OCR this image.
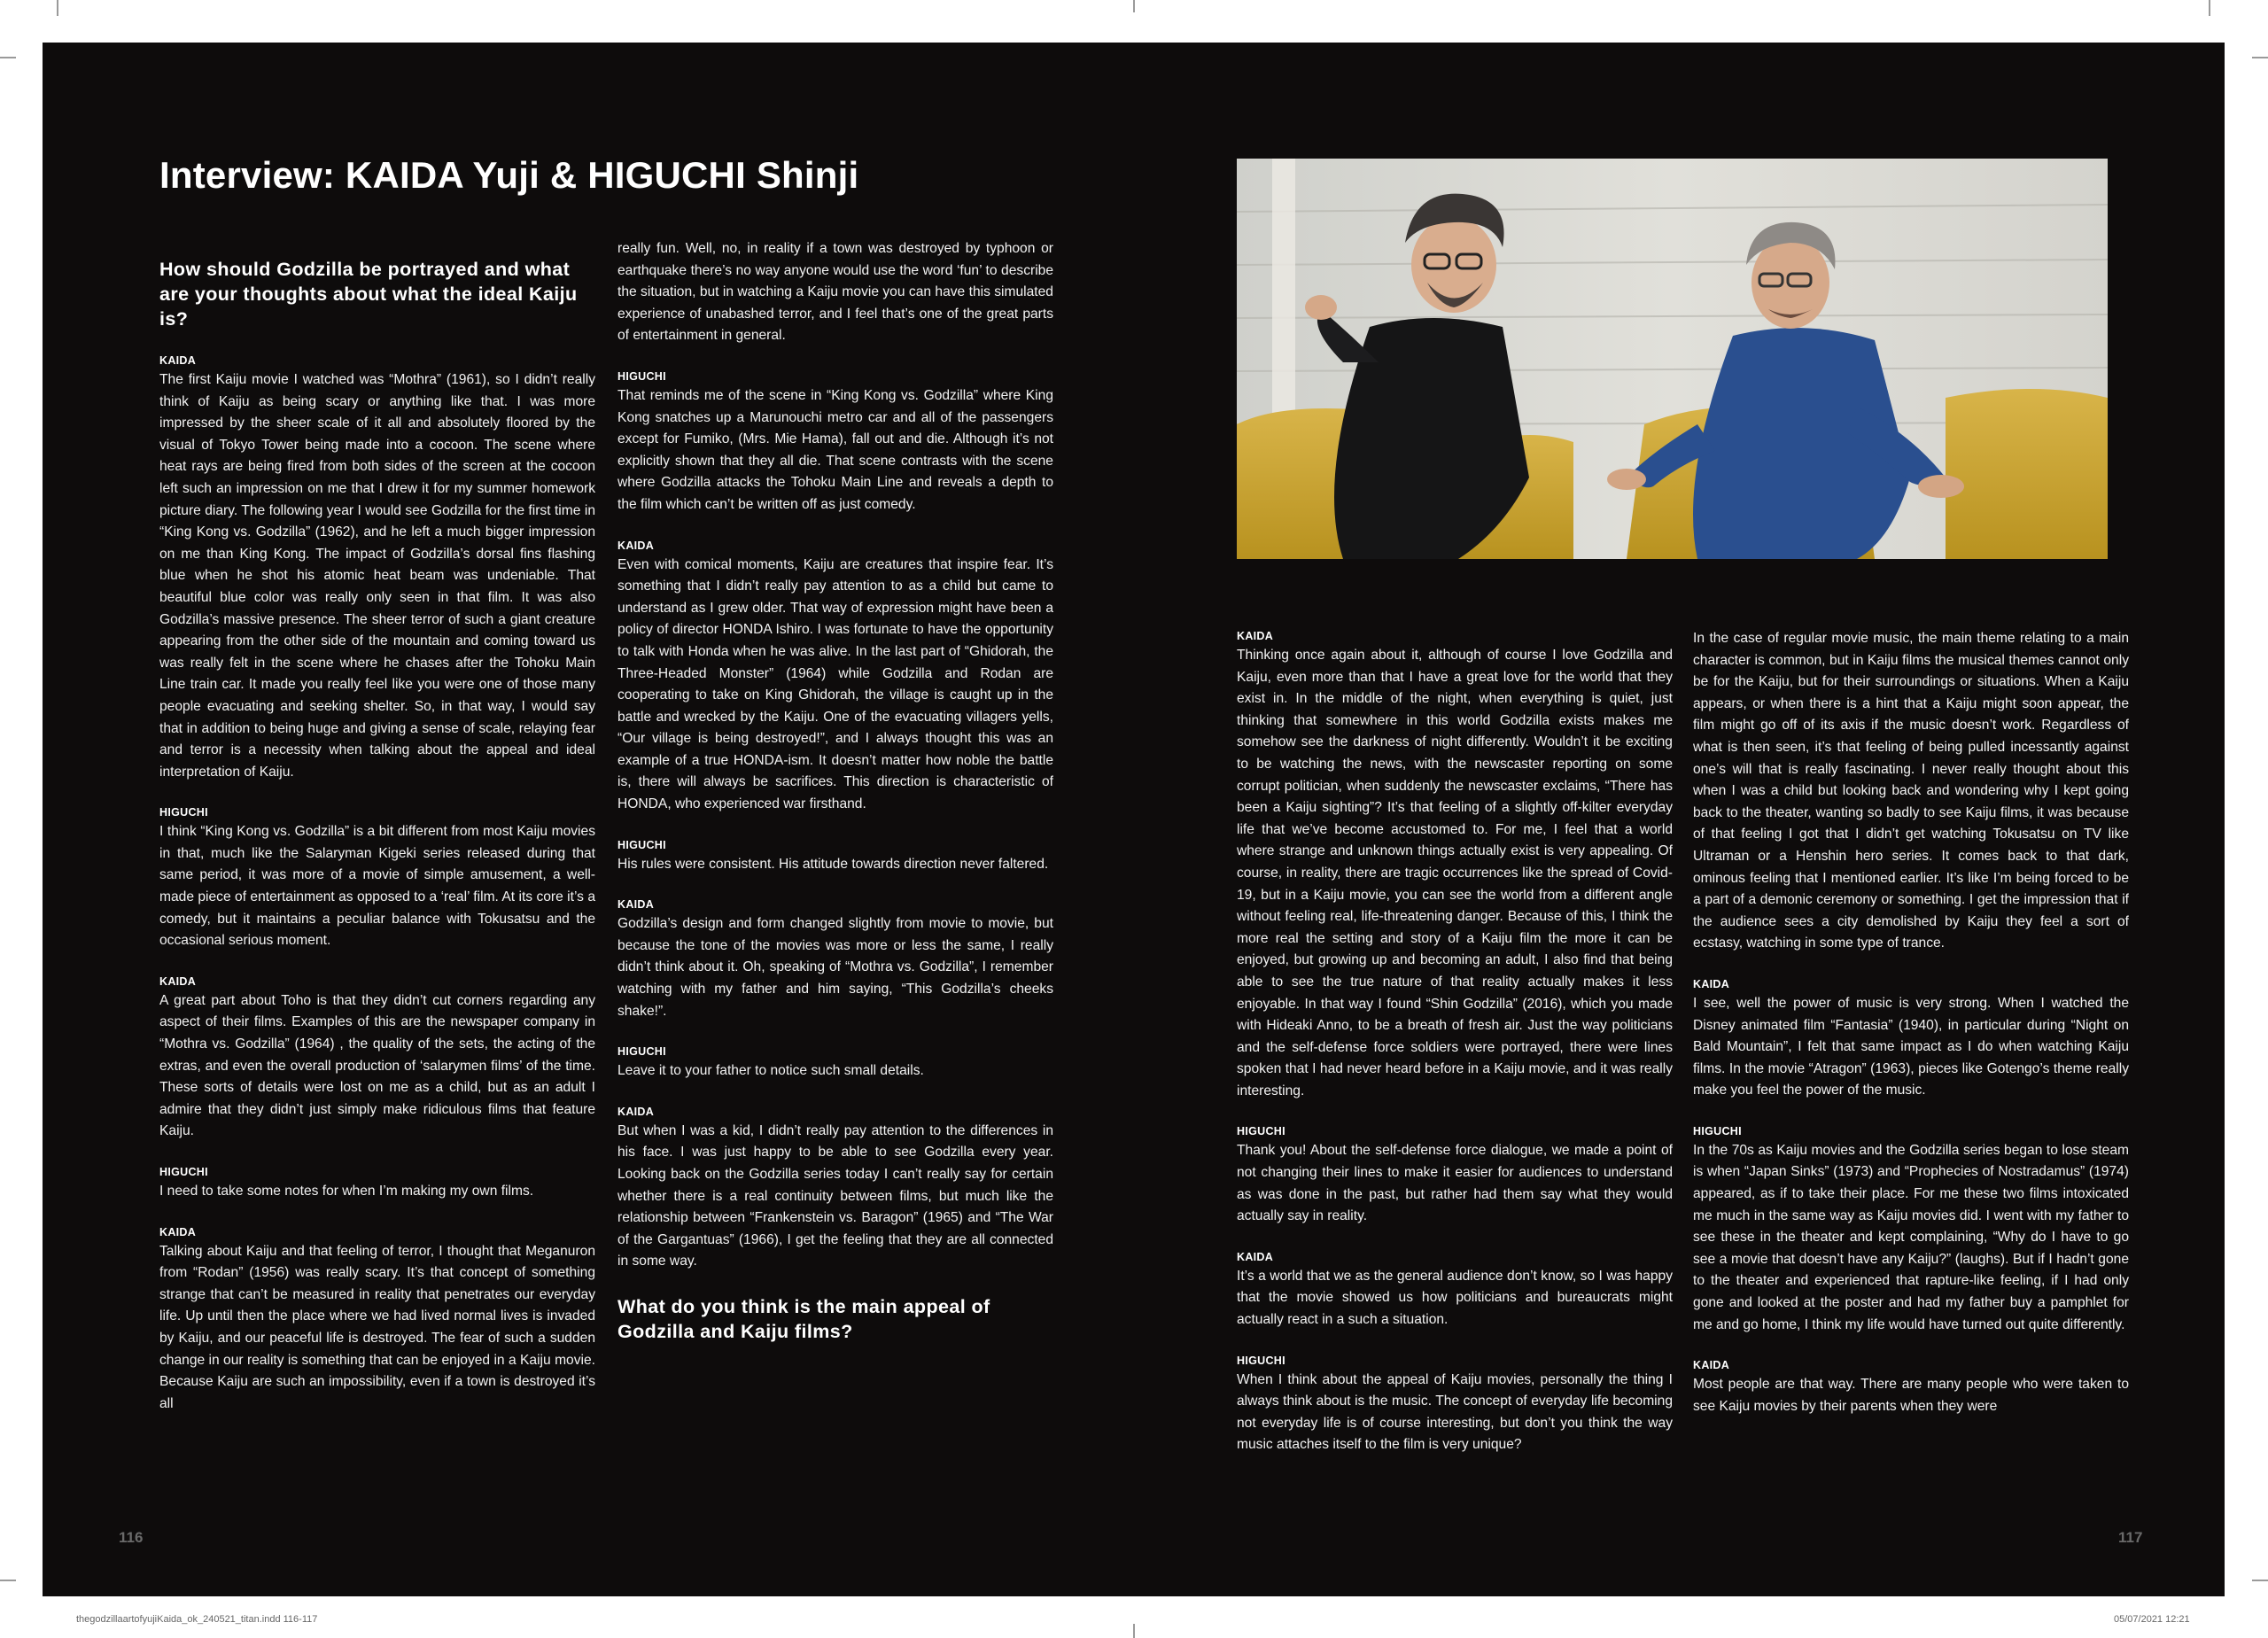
Interview: KAIDA Yuji & HIGUCHI Shinji
How should Godzilla be portrayed and what are your thoughts about what the ideal Kaiju is?
KAIDA

The first Kaiju movie I watched was “Mothra” (1961), so I didn’t really think of Kaiju as being scary or anything like that. I was more impressed by the sheer scale of it all and absolutely floored by the visual of Tokyo Tower being made into a cocoon. The scene where heat rays are being fired from both sides of the screen at the cocoon left such an impression on me that I drew it for my summer homework picture diary. The following year I would see Godzilla for the first time in “King Kong vs. Godzilla” (1962), and he left a much bigger impression on me than King Kong. The impact of Godzilla’s dorsal fins flashing blue when he shot his atomic heat beam was undeniable. That beautiful blue color was really only seen in that film. It was also Godzilla’s massive presence. The sheer terror of such a giant creature appearing from the other side of the mountain and coming toward us was really felt in the scene where he chases after the Tohoku Main Line train car. It made you really feel like you were one of those many people evacuating and seeking shelter. So, in that way, I would say that in addition to being huge and giving a sense of scale, relaying fear and terror is a necessity when talking about the appeal and ideal interpretation of Kaiju.

HIGUCHI

I think “King Kong vs. Godzilla” is a bit different from most Kaiju movies in that, much like the Salaryman Kigeki series released during that same period, it was more of a movie of simple amusement, a well-made piece of entertainment as opposed to a ‘real’ film. At its core it’s a comedy, but it maintains a peculiar balance with Tokusatsu and the occasional serious moment.

KAIDA

A great part about Toho is that they didn’t cut corners regarding any aspect of their films. Examples of this are the newspaper company in “Mothra vs. Godzilla” (1964) , the quality of the sets, the acting of the extras, and even the overall production of ‘salarymen films’ of the time. These sorts of details were lost on me as a child, but as an adult I admire that they didn’t just simply make ridiculous films that feature Kaiju.

HIGUCHI

I need to take some notes for when I’m making my own films.

KAIDA

Talking about Kaiju and that feeling of terror, I thought that Meganuron from “Rodan” (1956) was really scary. It’s that concept of something strange that can’t be measured in reality that penetrates our everyday life. Up until then the place where we had lived normal lives is invaded by Kaiju, and our peaceful life is destroyed. The fear of such a sudden change in our reality is something that can be enjoyed in a Kaiju movie. Because Kaiju are such an impossibility, even if a town is destroyed it’s all

really fun. Well, no, in reality if a town was destroyed by typhoon or earthquake there’s no way anyone would use the word ‘fun’ to describe the situation, but in watching a Kaiju movie you can have this simulated experience of unabashed terror, and I feel that’s one of the great parts of entertainment in general.

HIGUCHI

That reminds me of the scene in “King Kong vs. Godzilla” where King Kong snatches up a Marunouchi metro car and all of the passengers except for Fumiko, (Mrs. Mie Hama), fall out and die. Although it’s not explicitly shown that they all die. That scene contrasts with the scene where Godzilla attacks the Tohoku Main Line and reveals a depth to the film which can’t be written off as just comedy.

KAIDA

Even with comical moments, Kaiju are creatures that inspire fear. It’s something that I didn’t really pay attention to as a child but came to understand as I grew older. That way of expression might have been a policy of director HONDA Ishiro. I was fortunate to have the opportunity to talk with Honda when he was alive. In the last part of “Ghidorah, the Three-Headed Monster” (1964) while Godzilla and Rodan are cooperating to take on King Ghidorah, the village is caught up in the battle and wrecked by the Kaiju. One of the evacuating villagers yells, “Our village is being destroyed!”, and I always thought this was an example of a true HONDA-ism. It doesn’t matter how noble the battle is, there will always be sacrifices. This direction is characteristic of HONDA, who experienced war firsthand.

HIGUCHI

His rules were consistent. His attitude towards direction never faltered.

KAIDA

Godzilla’s design and form changed slightly from movie to movie, but because the tone of the movies was more or less the same, I really didn’t think about it. Oh, speaking of “Mothra vs. Godzilla”, I remember watching with my father and him saying, “This Godzilla’s cheeks shake!”.

HIGUCHI

Leave it to your father to notice such small details.

KAIDA

But when I was a kid, I didn’t really pay attention to the differences in his face. I was just happy to be able to see Godzilla every year. Looking back on the Godzilla series today I can’t really say for certain whether there is a real continuity between films, but much like the relationship between “Frankenstein vs. Baragon” (1965) and “The War of the Gargantuas” (1966), I get the feeling that they are all connected in some way.

What do you think is the main appeal of Godzilla and Kaiju films?
KAIDA

Thinking once again about it, although of course I love Godzilla and Kaiju, even more than that I have a great love for the world that they exist in. In the middle of the night, when everything is quiet, just thinking that somewhere in this world Godzilla exists makes me somehow see the darkness of night differently. Wouldn’t it be exciting to be watching the news, with the newscaster reporting on some corrupt politician, when suddenly the newscaster exclaims, “There has been a Kaiju sighting”? It’s that feeling of a slightly off-kilter everyday life that we’ve become accustomed to. For me, I feel that a world where strange and unknown things actually exist is very appealing. Of course, in reality, there are tragic occurrences like the spread of Covid-19, but in a Kaiju movie, you can see the world from a different angle without feeling real, life-threatening danger. Because of this, I think the more real the setting and story of a Kaiju film the more it can be enjoyed, but growing up and becoming an adult, I also find that being able to see the true nature of that reality actually makes it less enjoyable. In that way I found “Shin Godzilla” (2016), which you made with Hideaki Anno, to be a breath of fresh air. Just the way politicians and the self-defense force soldiers were portrayed, there were lines spoken that I had never heard before in a Kaiju movie, and it was really interesting.

HIGUCHI

Thank you! About the self-defense force dialogue, we made a point of not changing their lines to make it easier for audiences to understand as was done in the past, but rather had them say what they would actually say in reality.

KAIDA

It’s a world that we as the general audience don’t know, so I was happy that the movie showed us how politicians and bureaucrats might actually react in a such a situation.

HIGUCHI

When I think about the appeal of Kaiju movies, personally the thing I always think about is the music. The concept of everyday life becoming not everyday life is of course interesting, but don’t you think the way music attaches itself to the film is very unique?

In the case of regular movie music, the main theme relating to a main character is common, but in Kaiju films the musical themes cannot only be for the Kaiju, but for their surroundings or situations. When a Kaiju appears, or when there is a hint that a Kaiju might soon appear, the film might go off of its axis if the music doesn’t work. Regardless of what is then seen, it’s that feeling of being pulled incessantly against one’s will that is really fascinating. I never really thought about this when I was a child but looking back and wondering why I kept going back to the theater, wanting so badly to see Kaiju films, it was because of that feeling I got that I didn’t get watching Tokusatsu on TV like Ultraman or a Henshin hero series. It comes back to that dark, ominous feeling that I mentioned earlier. It’s like I’m being forced to be a part of a demonic ceremony or something. I get the impression that if the audience sees a city demolished by Kaiju they feel a sort of ecstasy, watching in some type of trance.

KAIDA

I see, well the power of music is very strong. When I watched the Disney animated film “Fantasia” (1940), in particular during “Night on Bald Mountain”, I felt that same impact as I do when watching Kaiju films. In the movie “Atragon” (1963), pieces like Gotengo’s theme really make you feel the power of the music.

HIGUCHI

In the 70s as Kaiju movies and the Godzilla series began to lose steam is when “Japan Sinks” (1973) and “Prophecies of Nostradamus” (1974) appeared, as if to take their place. For me these two films intoxicated me much in the same way as Kaiju movies did. I went with my father to see these in the theater and kept complaining, “Why do I have to go see a movie that doesn’t have any Kaiju?” (laughs). But if I hadn’t gone to the theater and experienced that rapture-like feeling, if I had only gone and looked at the poster and had my father buy a pamphlet for me and go home, I think my life would have turned out quite differently.

KAIDA

Most people are that way. There are many people who were taken to see Kaiju movies by their parents when they were

116	117
thegodzillaartofyujiKaida_ok_240521_titan.indd 116-117	05/07/2021 12:21
